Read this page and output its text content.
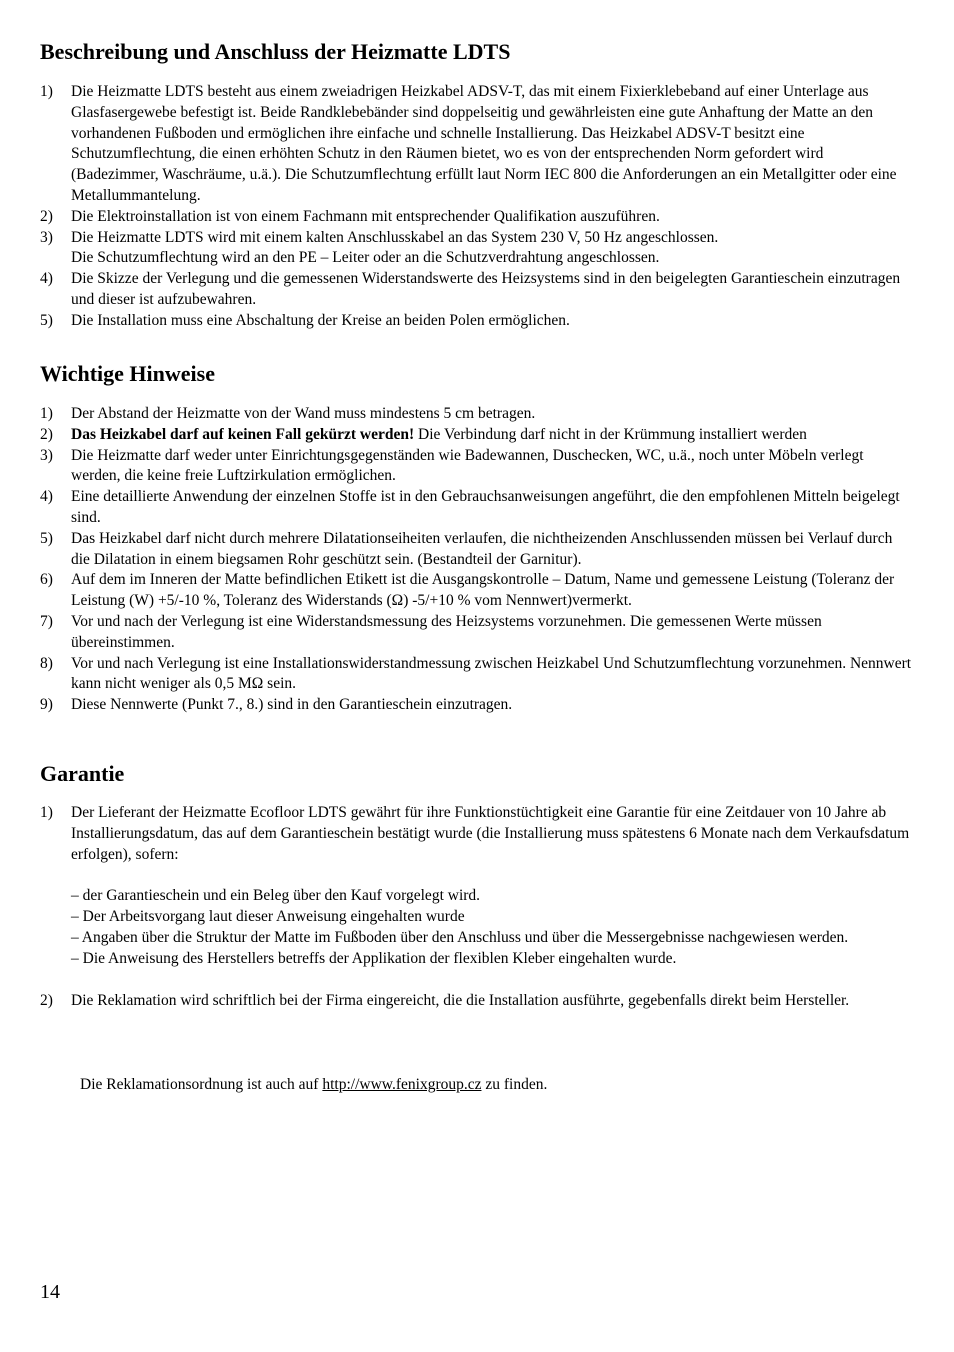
Beschreibung und Anschluss der Heizmatte LDTS
1) Die Heizmatte LDTS besteht aus einem zweiadrigen Heizkabel ADSV-T, das mit einem Fixierklebeband auf einer Unterlage aus Glasfasergewebe befestigt ist. Beide Randklebebänder sind doppelseitig und gewährleisten eine gute Anhaftung der Matte an den vorhandenen Fußboden und ermöglichen ihre einfache und schnelle Installierung. Das Heizkabel ADSV-T besitzt eine Schutzumflechtung, die einen erhöhten Schutz in den Räumen bietet, wo es von der entsprechenden Norm gefordert wird (Badezimmer, Waschräume, u.ä.). Die Schutzumflechtung erfüllt laut Norm IEC 800 die Anforderungen an ein Metallgitter oder eine Metallummantelung.
2) Die Elektroinstallation ist von einem Fachmann mit entsprechender Qualifikation auszuführen.
3) Die Heizmatte LDTS wird mit einem kalten Anschlusskabel an das System 230 V, 50 Hz angeschlossen.
Die Schutzumflechtung wird an den PE – Leiter oder an die Schutzverdrahtung angeschlossen.
4) Die Skizze der Verlegung und die gemessenen Widerstandswerte des Heizsystems sind in den beigelegten Garantieschein einzutragen und dieser ist aufzubewahren.
5) Die Installation muss eine Abschaltung der Kreise an beiden Polen ermöglichen.
Wichtige Hinweise
1) Der Abstand der Heizmatte von der Wand muss mindestens 5 cm betragen.
2) Das Heizkabel darf auf keinen Fall gekürzt werden! Die Verbindung darf nicht in der Krümmung installiert werden
3) Die Heizmatte darf weder unter Einrichtungsgegenständen wie Badewannen, Duschecken, WC, u.ä., noch unter Möbeln verlegt werden, die keine freie Luftzirkulation ermöglichen.
4) Eine detaillierte Anwendung der einzelnen Stoffe ist in den Gebrauchsanweisungen angeführt, die den empfohlenen Mitteln beigelegt sind.
5) Das Heizkabel darf nicht durch mehrere Dilatationseiheiten verlaufen, die nichtheizenden Anschlussenden müssen bei Verlauf durch die Dilatation in einem biegsamen Rohr geschützt sein. (Bestandteil der Garnitur).
6) Auf dem im Inneren der Matte befindlichen Etikett ist die Ausgangskontrolle – Datum, Name und gemessene Leistung (Toleranz der Leistung (W) +5/-10 %, Toleranz des Widerstands (Ω) -5/+10 % vom Nennwert)vermerkt.
7) Vor und nach der Verlegung ist eine Widerstandsmessung des Heizsystems vorzunehmen. Die gemessenen Werte müssen übereinstimmen.
8) Vor und nach Verlegung ist eine Installationswiderstandmessung zwischen Heizkabel Und Schutzumflechtung vorzunehmen. Nennwert kann nicht weniger als 0,5 MΩ sein.
9) Diese Nennwerte (Punkt 7., 8.) sind in den Garantieschein einzutragen.
Garantie
1) Der Lieferant der Heizmatte Ecofloor LDTS gewährt für ihre Funktionstüchtigkeit eine Garantie für eine Zeitdauer von 10 Jahre ab Installierungsdatum, das auf dem Garantieschein bestätigt wurde (die Installierung muss spätestens 6 Monate nach dem Verkaufsdatum erfolgen), sofern:
– der Garantieschein und ein Beleg über den Kauf vorgelegt wird.
– Der Arbeitsvorgang laut dieser Anweisung eingehalten wurde
– Angaben über die Struktur der Matte im Fußboden über den Anschluss und über die Messergebnisse nachgewiesen werden.
– Die Anweisung des Herstellers betreffs der Applikation der flexiblen Kleber eingehalten wurde.
2) Die Reklamation wird schriftlich bei der Firma eingereicht, die die Installation ausführte, gegebenfalls direkt beim Hersteller.
Die Reklamationsordnung ist auch auf http://www.fenixgroup.cz zu finden.
14
